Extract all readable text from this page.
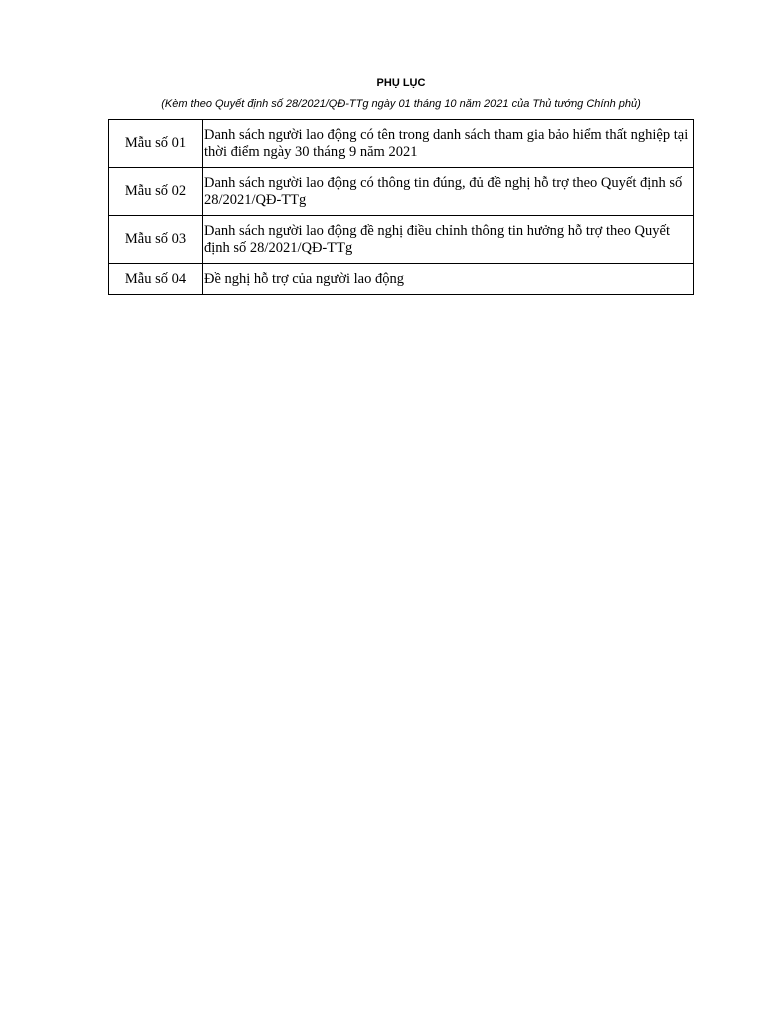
PHỤ LỤC
(Kèm theo Quyết định số 28/2021/QĐ-TTg ngày 01 tháng 10 năm 2021 của Thủ tướng Chính phủ)
Mẫu số 01	Danh sách người lao động có tên trong danh sách tham gia bảo hiểm thất nghiệp tại thời điểm ngày 30 tháng 9 năm 2021
Mẫu số 02	Danh sách người lao động có thông tin đúng, đủ đề nghị hỗ trợ theo Quyết định số 28/2021/QĐ-TTg
Mẫu số 03	Danh sách người lao động đề nghị điều chỉnh thông tin hưởng hỗ trợ theo Quyết định số 28/2021/QĐ-TTg
Mẫu số 04	Đề nghị hỗ trợ của người lao động
